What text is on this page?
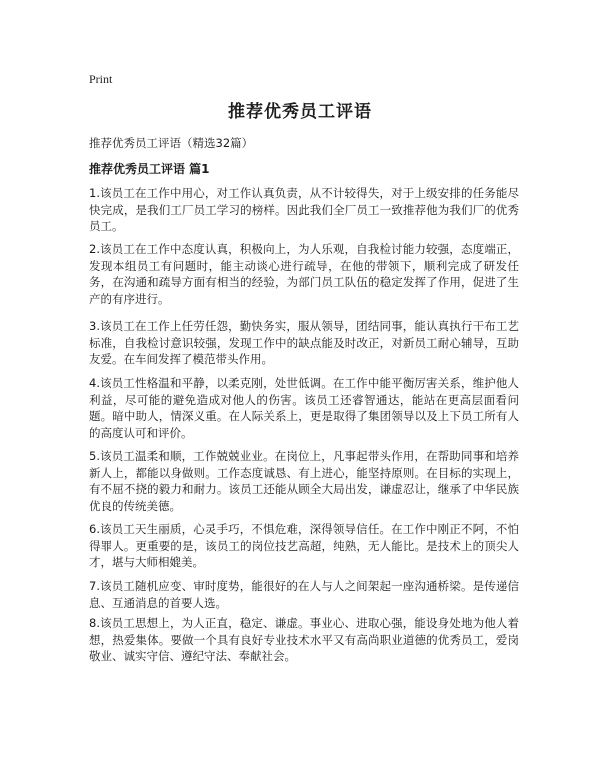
Print
推荐优秀员工评语

推荐优秀员工评语（精选32篇）

推荐优秀员工评语 篇1

1.该员工在工作中用心，对工作认真负责，从不计较得失，对于上级安排的任务能尽快完成，是我们工厂员工学习的榜样。因此我们全厂员工一致推荐他为我们厂的优秀员工。

2.该员工在工作中态度认真，积极向上，为人乐观，自我检讨能力较强，态度端正，发现本组员工有问题时，能主动谈心进行疏导，在他的带领下，顺利完成了研发任务，在沟通和疏导方面有相当的经验，为部门员工队伍的稳定发挥了作用，促进了生产的有序进行。

3.该员工在工作上任劳任怨，勤快务实，服从领导，团结同事，能认真执行干布工艺标准，自我检讨意识较强，发现工作中的缺点能及时改正，对新员工耐心辅导，互助友爱。在车间发挥了模范带头作用。

4.该员工性格温和平静，以柔克刚，处世低调。在工作中能平衡厉害关系，维护他人利益，尽可能的避免造成对他人的伤害。该员工还睿智通达，能站在更高层面看问题。暗中助人，情深义重。在人际关系上，更是取得了集团领导以及上下员工所有人的高度认可和评价。

5.该员工温柔和顺，工作兢兢业业。在岗位上，凡事起带头作用，在帮助同事和培养新人上，都能以身做则。工作态度诚恳、有上进心，能坚持原则。在目标的实现上，有不屈不挠的毅力和耐力。该员工还能从顾全大局出发，谦虚忍让，继承了中华民族优良的传统美德。

6.该员工天生丽质，心灵手巧，不惧危难，深得领导信任。在工作中刚正不阿，不怕得罪人。更重要的是，该员工的岗位技艺高超，纯熟，无人能比。是技术上的顶尖人才，堪与大师相媲美。

7.该员工随机应变、审时度势，能很好的在人与人之间架起一座沟通桥梁。是传递信息、互通消息的首要人选。

8.该员工思想上，为人正直，稳定、谦虚。事业心、进取心强，能设身处地为他人着想，热爱集体。要做一个具有良好专业技术水平又有高尚职业道德的优秀员工，爱岗敬业、诚实守信、遵纪守法、奉献社会。
